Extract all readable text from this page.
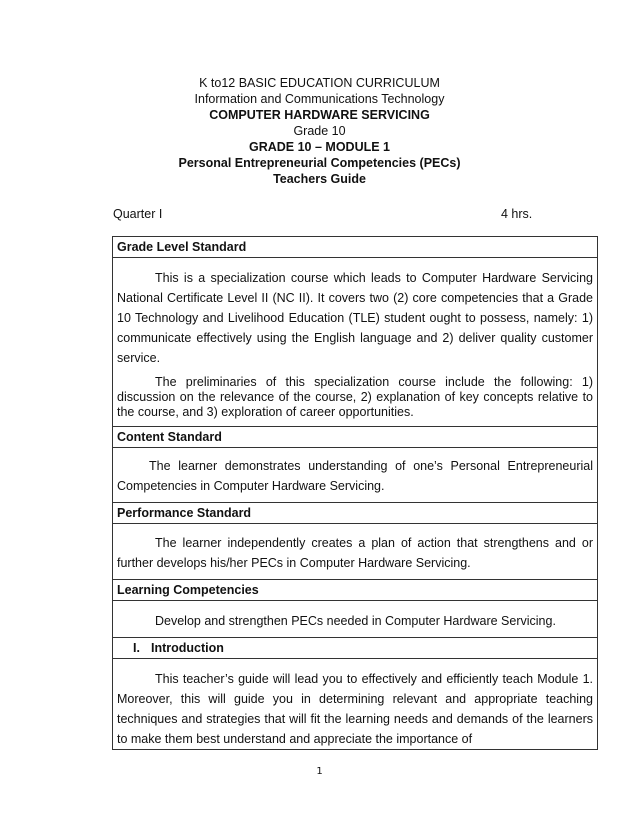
K to12 BASIC EDUCATION CURRICULUM
Information and Communications Technology
COMPUTER HARDWARE SERVICING
Grade 10
GRADE 10 – MODULE 1
Personal Entrepreneurial Competencies (PECs)
Teachers Guide
Quarter I	4 hrs.
Grade Level Standard

This is a specialization course which leads to Computer Hardware Servicing National Certificate Level II (NC II). It covers two (2) core competencies that a Grade 10 Technology and Livelihood Education (TLE) student ought to possess, namely: 1) communicate effectively using the English language and 2) deliver quality customer service.

The preliminaries of this specialization course include the following: 1) discussion on the relevance of the course, 2) explanation of key concepts relative to the course, and 3) exploration of career opportunities.

Content Standard

The learner demonstrates understanding of one’s Personal Entrepreneurial Competencies in Computer Hardware Servicing.

Performance Standard

The learner independently creates a plan of action that strengthens and or further develops his/her PECs in Computer Hardware Servicing.

Learning Competencies

Develop and strengthen PECs needed in Computer Hardware Servicing.

I. Introduction

This teacher’s guide will lead you to effectively and efficiently teach Module 1. Moreover, this will guide you in determining relevant and appropriate teaching techniques and strategies that will fit the learning needs and demands of the learners to make them best understand and appreciate the importance of

1
